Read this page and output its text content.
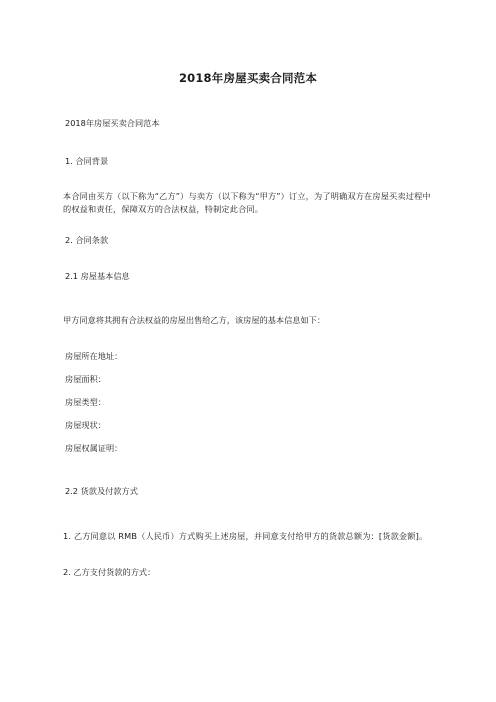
2018年房屋买卖合同范本
2018年房屋买卖合同范本
1. 合同背景
本合同由买方（以下称为“乙方”）与卖方（以下称为“甲方”）订立，为了明确双方在房屋买卖过程中的权益和责任，保障双方的合法权益，特制定此合同。
2. 合同条款
2.1 房屋基本信息
甲方同意将其拥有合法权益的房屋出售给乙方，该房屋的基本信息如下：
房屋所在地址：
房屋面积：
房屋类型：
房屋现状：
房屋权属证明：
2.2 货款及付款方式
1. 乙方同意以 RMB（人民币）方式购买上述房屋，并同意支付给甲方的货款总额为：[货款金额]。
2. 乙方支付货款的方式：
